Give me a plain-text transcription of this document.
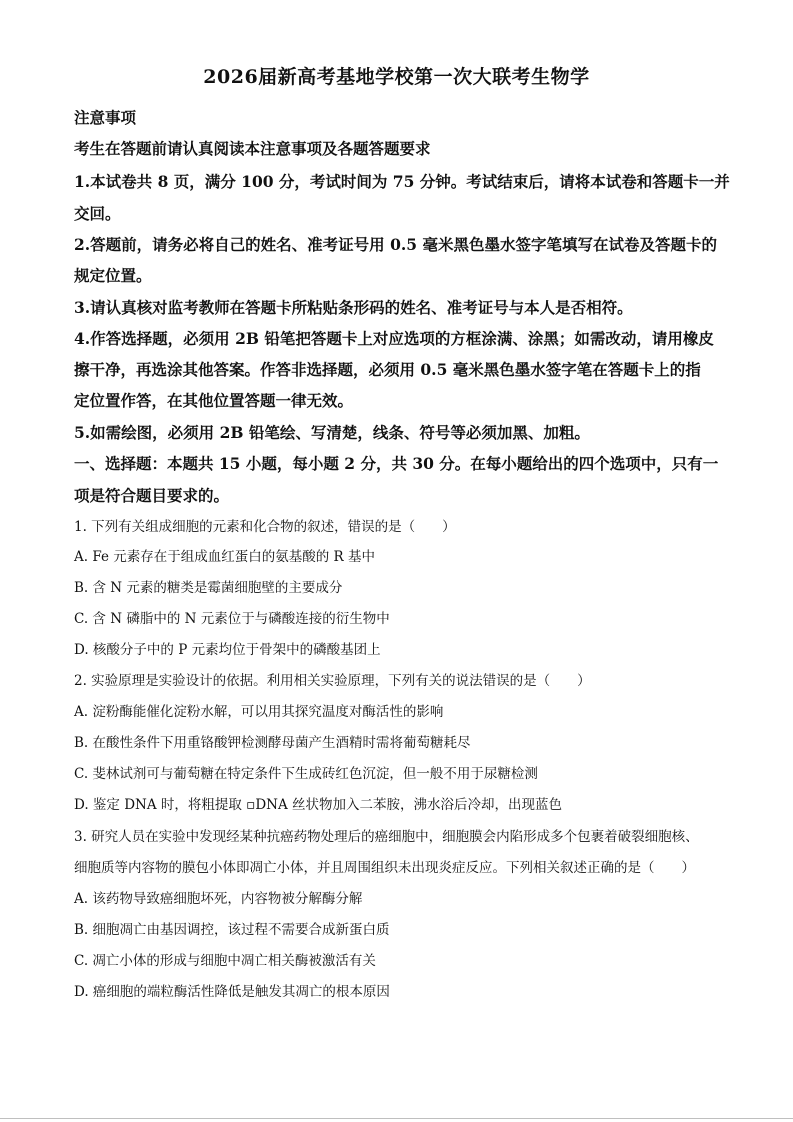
2026届新高考基地学校第一次大联考生物学
注意事项
考生在答题前请认真阅读本注意事项及各题答题要求
1.本试卷共 8 页，满分 100 分，考试时间为 75 分钟。考试结束后，请将本试卷和答题卡一并
交回。
2.答题前，请务必将自己的姓名、准考证号用 0.5 毫米黑色墨水签字笔填写在试卷及答题卡的
规定位置。
3.请认真核对监考教师在答题卡所粘贴条形码的姓名、准考证号与本人是否相符。
4.作答选择题，必须用 2B 铅笔把答题卡上对应选项的方框涂满、涂黑；如需改动，请用橡皮
擦干净，再选涂其他答案。作答非选择题，必须用 0.5 毫米黑色墨水签字笔在答题卡上的指
定位置作答，在其他位置答题一律无效。
5.如需绘图，必须用 2B 铅笔绘、写清楚，线条、符号等必须加黑、加粗。
一、选择题：本题共 15 小题，每小题 2 分，共 30 分。在每小题给出的四个选项中，只有一
项是符合题目要求的。
1. 下列有关组成细胞的元素和化合物的叙述，错误的是（　　）
A. Fe 元素存在于组成血红蛋白的氨基酸的 R 基中
B. 含 N 元素的糖类是霉菌细胞壁的主要成分
C. 含 N 磷脂中的 N 元素位于与磷酸连接的衍生物中
D. 核酸分子中的 P 元素均位于骨架中的磷酸基团上
2. 实验原理是实验设计的依据。利用相关实验原理，下列有关的说法错误的是（　　）
A. 淀粉酶能催化淀粉水解，可以用其探究温度对酶活性的影响
B. 在酸性条件下用重铬酸钾检测酵母菌产生酒精时需将葡萄糖耗尽
C. 斐林试剂可与葡萄糖在特定条件下生成砖红色沉淀，但一般不用于尿糖检测
D. 鉴定 DNA 时，将粗提取 ▫DNA 丝状物加入二苯胺，沸水浴后冷却，出现蓝色
3. 研究人员在实验中发现经某种抗癌药物处理后的癌细胞中，细胞膜会内陷形成多个包裹着破裂细胞核、
细胞质等内容物的膜包小体即凋亡小体，并且周围组织未出现炎症反应。下列相关叙述正确的是（　　）
A. 该药物导致癌细胞坏死，内容物被分解酶分解
B. 细胞凋亡由基因调控，该过程不需要合成新蛋白质
C. 凋亡小体的形成与细胞中凋亡相关酶被激活有关
D. 癌细胞的端粒酶活性降低是触发其凋亡的根本原因
